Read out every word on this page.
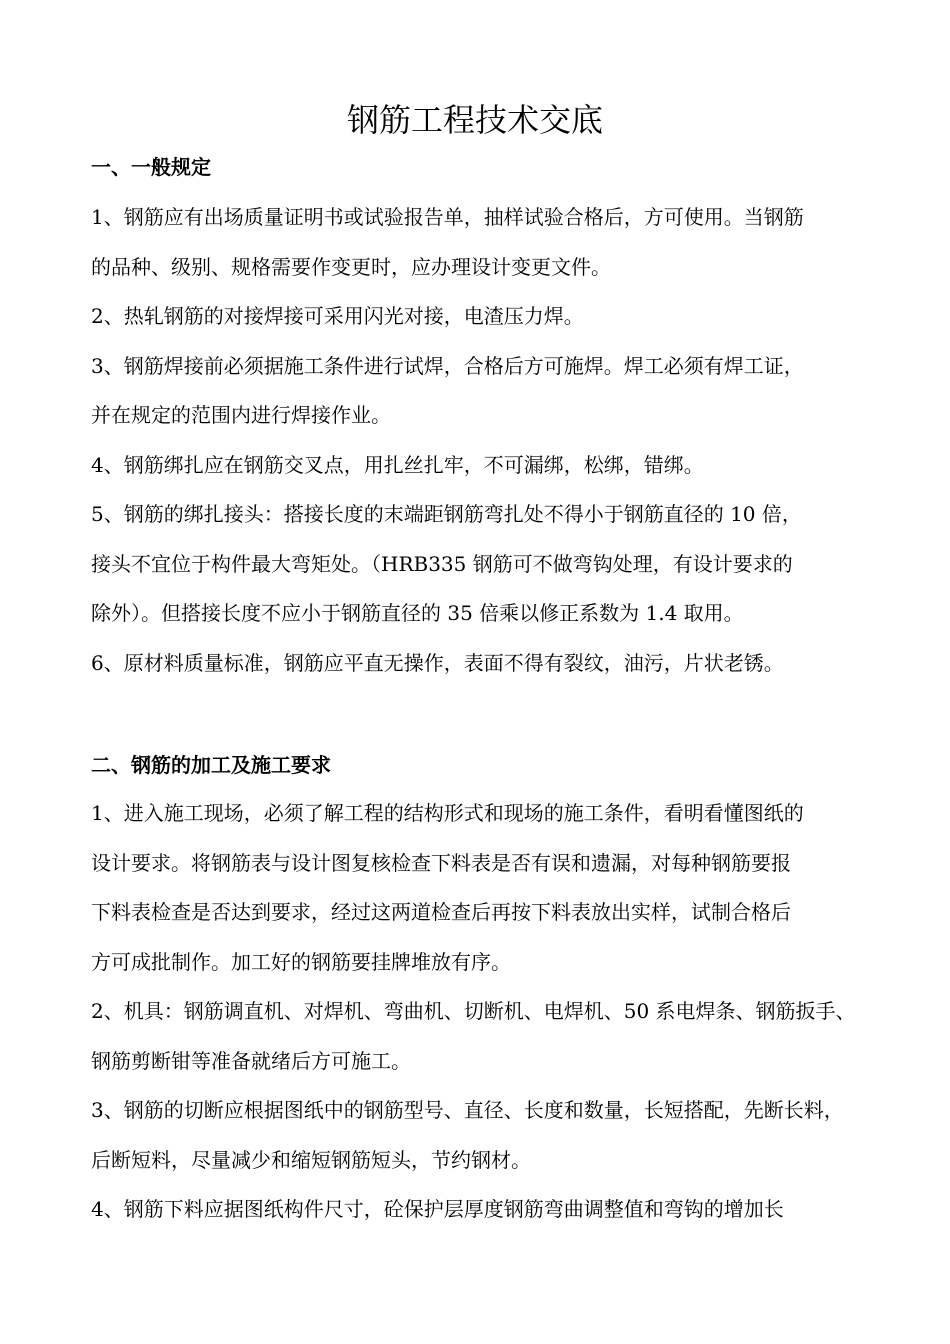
钢筋工程技术交底
一、一般规定

1、钢筋应有出场质量证明书或试验报告单，抽样试验合格后，方可使用。当钢筋

的品种、级别、规格需要作变更时，应办理设计变更文件。

2、热轧钢筋的对接焊接可采用闪光对接，电渣压力焊。

3、钢筋焊接前必须据施工条件进行试焊，合格后方可施焊。焊工必须有焊工证，

并在规定的范围内进行焊接作业。

4、钢筋绑扎应在钢筋交叉点，用扎丝扎牢，不可漏绑，松绑，错绑。

5、钢筋的绑扎接头：搭接长度的末端距钢筋弯扎处不得小于钢筋直径的 10 倍，

接头不宜位于构件最大弯矩处。（HRB335 钢筋可不做弯钩处理，有设计要求的

除外）。但搭接长度不应小于钢筋直径的 35 倍乘以修正系数为 1.4 取用。

6、原材料质量标准，钢筋应平直无操作，表面不得有裂纹，油污，片状老锈。

二、钢筋的加工及施工要求

1、进入施工现场，必须了解工程的结构形式和现场的施工条件，看明看懂图纸的

设计要求。将钢筋表与设计图复核检查下料表是否有误和遗漏，对每种钢筋要报

下料表检查是否达到要求，经过这两道检查后再按下料表放出实样，试制合格后

方可成批制作。加工好的钢筋要挂牌堆放有序。

2、机具：钢筋调直机、对焊机、弯曲机、切断机、电焊机、50 系电焊条、钢筋扳手、

钢筋剪断钳等准备就绪后方可施工。

3、钢筋的切断应根据图纸中的钢筋型号、直径、长度和数量，长短搭配，先断长料，

后断短料，尽量减少和缩短钢筋短头，节约钢材。

4、钢筋下料应据图纸构件尺寸，砼保护层厚度钢筋弯曲调整值和弯钩的增加长
